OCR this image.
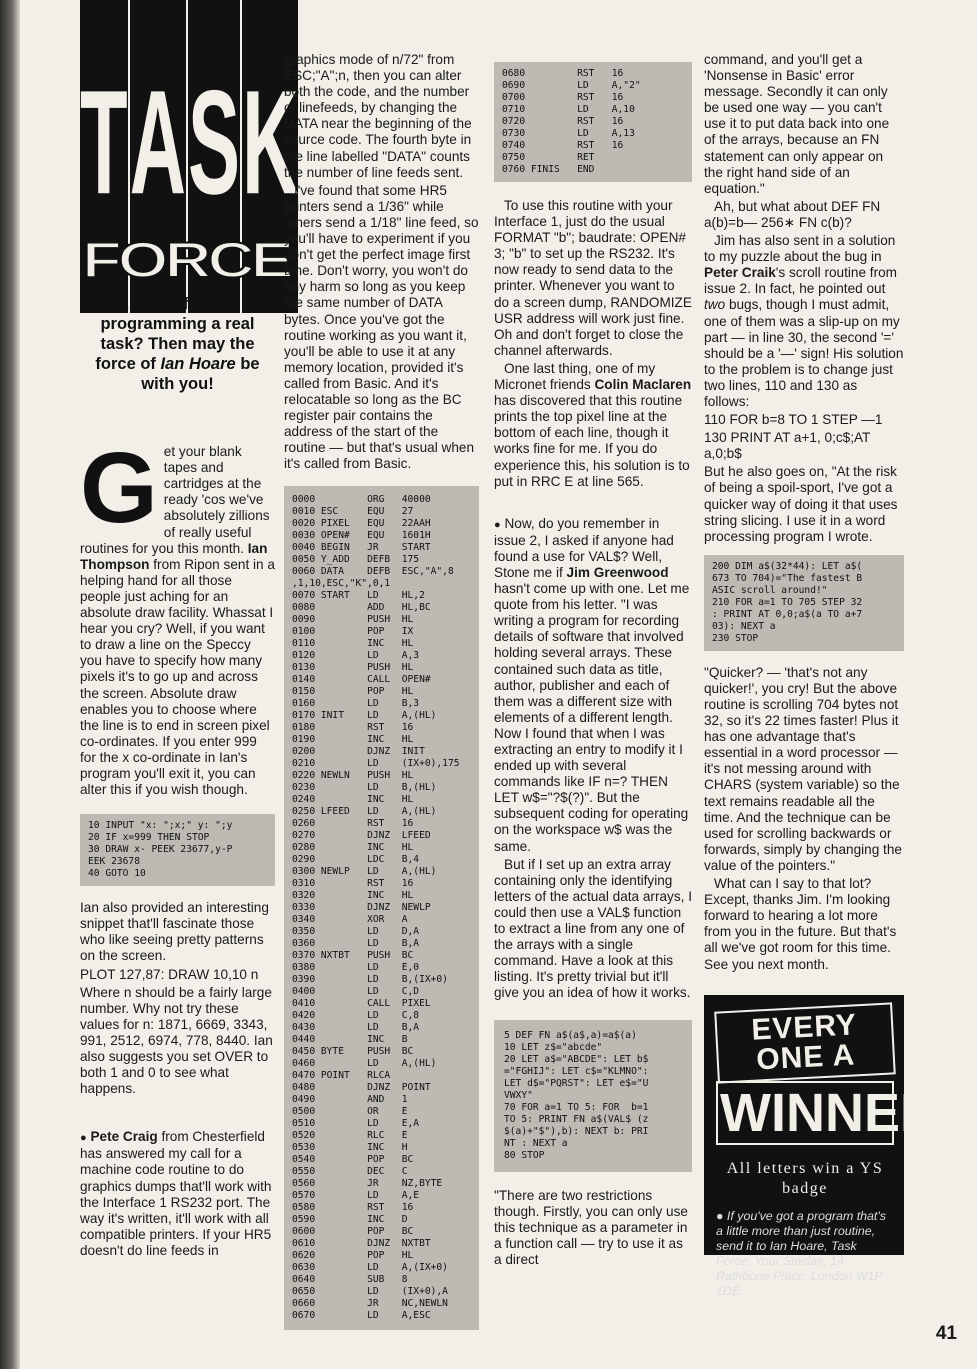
T A S K
FORCE
programming a real task? Then may the force of Ian Hoare be with you!

Get your blank tapes and cartridges at the ready 'cos we've absolutely zillions of really useful routines for you this month. Ian Thompson from Ripon sent in a helping hand for all those people just aching for an absolute draw facility. Whassat I hear you cry? Well, if you want to draw a line on the Speccy you have to specify how many pixels it's to go up and across the screen. Absolute draw enables you to choose where the line is to end in screen pixel co-ordinates. If you enter 999 for the x co-ordinate in Ian's program you'll exit it, you can alter this if you wish though.

10 INPUT "x: ";x;" y: ";y
20 IF x=999 THEN STOP
30 DRAW x- PEEK 23677,y-P
EEK 23678
40 GOTO 10

Ian also provided an interesting snippet that'll fascinate those who like seeing pretty patterns on the screen.

PLOT 127,87: DRAW 10,10 n

Where n should be a fairly large number. Why not try these values for n: 1871, 6669, 3343, 991, 2512, 6974, 778, 8440. Ian also suggests you set OVER to both 1 and 0 to see what happens.

● Pete Craig from Chesterfield has answered my call for a machine code routine to do graphics dumps that'll work with the Interface 1 RS232 port. The way it's written, it'll work with all compatible printers. If your HR5 doesn't do line feeds in

graphics mode of n/72" from ESC;"A";n, then you can alter both the code, and the number of linefeeds, by changing the DATA near the beginning of the source code. The fourth byte in the line labelled "DATA" counts the number of line feeds sent.

I've found that some HR5 printers send a 1/36" while others send a 1/18" line feed, so you'll have to experiment if you don't get the perfect image first time. Don't worry, you won't do any harm so long as you keep the same number of DATA bytes. Once you've got the routine working as you want it, you'll be able to use it at any memory location, provided it's called from Basic. And it's relocatable so long as the BC register pair contains the address of the start of the routine — but that's usual when it's called from Basic.

0000         ORG   40000
0010 ESC     EQU   27
0020 PIXEL   EQU   22AAH
0030 OPEN#   EQU   1601H
0040 BEGIN   JR    START
0050 Y_ADD   DEFB  175
0060 DATA    DEFB  ESC,"A",8
,1,10,ESC,"K",0,1
0070 START   LD    HL,2
0080         ADD   HL,BC
0090         PUSH  HL
0100         POP   IX
0110         INC   HL
0120         LD    A,3
0130         PUSH  HL
0140         CALL  OPEN#
0150         POP   HL
0160         LD    B,3
0170 INIT    LD    A,(HL)
0180         RST   16
0190         INC   HL
0200         DJNZ  INIT
0210         LD    (IX+0),175
0220 NEWLN   PUSH  HL
0230         LD    B,(HL)
0240         INC   HL
0250 LFEED   LD    A,(HL)
0260         RST   16
0270         DJNZ  LFEED
0280         INC   HL
0290         LDC   B,4
0300 NEWLP   LD    A,(HL)
0310         RST   16
0320         INC   HL
0330         DJNZ  NEWLP
0340         XOR   A
0350         LD    D,A
0360         LD    B,A
0370 NXTBT   PUSH  BC
0380         LD    E,0
0390         LD    B,(IX+0)
0400         LD    C,D
0410         CALL  PIXEL
0420         LD    C,8
0430         LD    B,A
0440         INC   B
0450 BYTE    PUSH  BC
0460         LD    A,(HL)
0470 POINT   RLCA
0480         DJNZ  POINT
0490         AND   1
0500         OR    E
0510         LD    E,A
0520         RLC   E
0530         INC   H
0540         POP   BC
0550         DEC   C
0560         JR    NZ,BYTE
0570         LD    A,E
0580         RST   16
0590         INC   D
0600         POP   BC
0610         DJNZ  NXTBT
0620         POP   HL
0630         LD    A,(IX+0)
0640         SUB   8
0650         LD    (IX+0),A
0660         JR    NC,NEWLN
0670         LD    A,ESC
0680         RST   16
0690         LD    A,"2"
0700         RST   16
0710         LD    A,10
0720         RST   16
0730         LD    A,13
0740         RST   16
0750         RET
0760 FINIS   END

To use this routine with your Interface 1, just do the usual FORMAT "b"; baudrate: OPEN# 3; "b" to set up the RS232. It's now ready to send data to the printer. Whenever you want to do a screen dump, RANDOMIZE USR address will work just fine. Oh and don't forget to close the channel afterwards.

One last thing, one of my Micronet friends Colin Maclaren has discovered that this routine prints the top pixel line at the bottom of each line, though it works fine for me. If you do experience this, his solution is to put in RRC E at line 565.

● Now, do you remember in issue 2, I asked if anyone had found a use for VAL$? Well, Stone me if Jim Greenwood hasn't come up with one. Let me quote from his letter. "I was writing a program for recording details of software that involved holding several arrays. These contained such data as title, author, publisher and each of them was a different size with elements of a different length. Now I found that when I was extracting an entry to modify it I ended up with several commands like IF n=? THEN LET w$="?$(?)". But the subsequent coding for operating on the workspace w$ was the same.

But if I set up an extra array containing only the identifying letters of the actual data arrays, I could then use a VAL$ function to extract a line from any one of the arrays with a single command. Have a look at this listing. It's pretty trivial but it'll give you an idea of how it works.

5 DEF FN a$(a$,a)=a$(a)
10 LET z$="abcde"
20 LET a$="ABCDE": LET b$
="FGHIJ": LET c$="KLMNO":
LET d$="PQRST": LET e$="U
VWXY"
70 FOR a=1 TO 5: FOR  b=1
TO 5: PRINT FN a$(VAL$ (z
$(a)+"$"),b): NEXT b: PRI
NT : NEXT a
80 STOP

"There are two restrictions though. Firstly, you can only use this technique as a parameter in a function call — try to use it as a direct

command, and you'll get a 'Nonsense in Basic' error message. Secondly it can only be used one way — you can't use it to put data back into one of the arrays, because an FN statement can only appear on the right hand side of an equation."

Ah, but what about DEF FN a(b)=b— 256∗ FN c(b)?

Jim has also sent in a solution to my puzzle about the bug in Peter Craik's scroll routine from issue 2. In fact, he pointed out two bugs, though I must admit, one of them was a slip-up on my part — in line 30, the second '=' should be a '—' sign! His solution to the problem is to change just two lines, 110 and 130 as follows:

110 FOR b=8 TO 1 STEP —1

130 PRINT AT a+1, 0;c$;AT a,0;b$

But he also goes on, "At the risk of being a spoil-sport, I've got a quicker way of doing it that uses string slicing. I use it in a word processing program I wrote.

200 DIM a$(32*44): LET a$(
673 TO 704)="The fastest B
ASIC scroll around!"
210 FOR a=1 TO 705 STEP 32
: PRINT AT 0,0;a$(a TO a+7
03): NEXT a
230 STOP

"Quicker? — 'that's not any quicker!', you cry! But the above routine is scrolling 704 bytes not 32, so it's 22 times faster! Plus it has one advantage that's essential in a word processor — it's not messing around with CHARS (system variable) so the text remains readable all the time. And the technique can be used for scrolling backwards or forwards, simply by changing the value of the pointers."

What can I say to that lot? Except, thanks Jim. I'm looking forward to hearing a lot more from you in the future. But that's all we've got room for this time. See you next month.

EVERY ONE A
WINNER!
All letters win a YS badge
● If you've got a program that's a little more than just routine, send it to Ian Hoare, Task Force, Your Sinclair, 14 Rathbone Place, London W1P 1DE.
41
